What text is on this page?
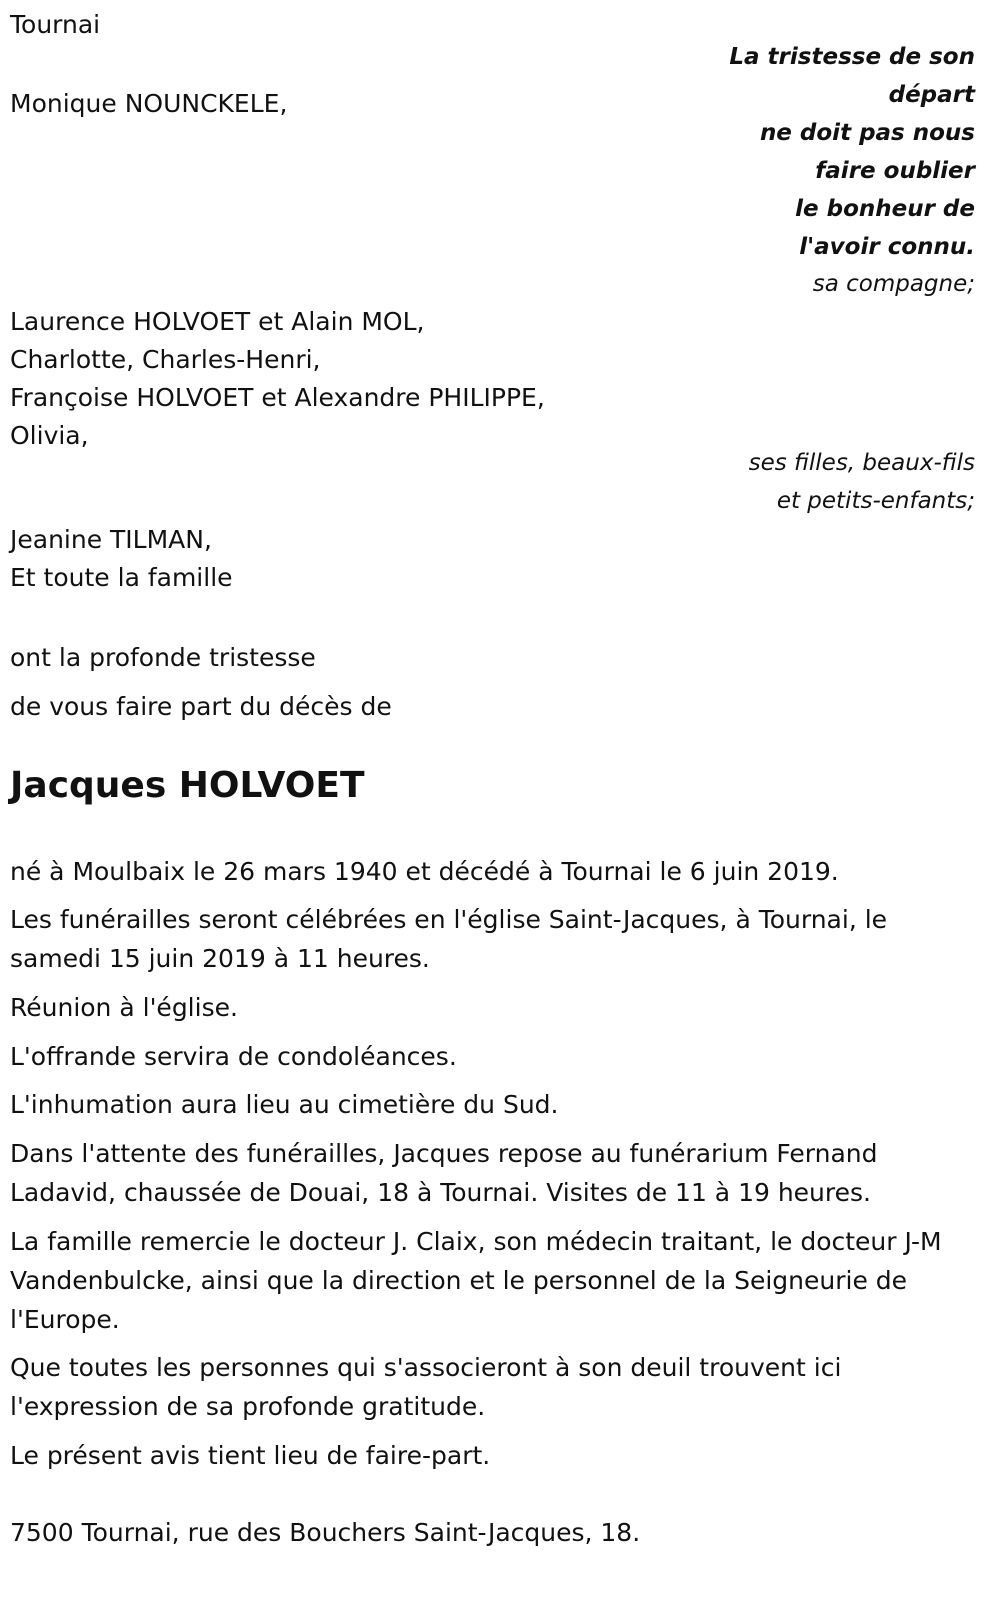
Tournai
La tristesse de son
départ
ne doit pas nous
faire oublier
le bonheur de
l'avoir connu.
Monique NOUNCKELE,
sa compagne;
Laurence HOLVOET et Alain MOL,
Charlotte, Charles-Henri,
Françoise HOLVOET et Alexandre PHILIPPE,
Olivia,
ses filles, beaux-fils
et petits-enfants;
Jeanine TILMAN,
Et toute la famille
ont la profonde tristesse
de vous faire part du décès de
Jacques HOLVOET
né à Moulbaix le 26 mars 1940 et décédé à Tournai le 6 juin 2019.
Les funérailles seront célébrées en l'église Saint-Jacques, à Tournai, le samedi 15 juin 2019 à 11 heures.
Réunion à l'église.
L'offrande servira de condoléances.
L'inhumation aura lieu au cimetière du Sud.
Dans l'attente des funérailles, Jacques repose au funérarium Fernand Ladavid, chaussée de Douai, 18 à Tournai. Visites de 11 à 19 heures.
La famille remercie le docteur J. Claix, son médecin traitant, le docteur J-M Vandenbulcke, ainsi que la direction et le personnel de la Seigneurie de l'Europe.
Que toutes les personnes qui s'associeront à son deuil trouvent ici l'expression de sa profonde gratitude.
Le présent avis tient lieu de faire-part.
7500 Tournai, rue des Bouchers Saint-Jacques, 18.
